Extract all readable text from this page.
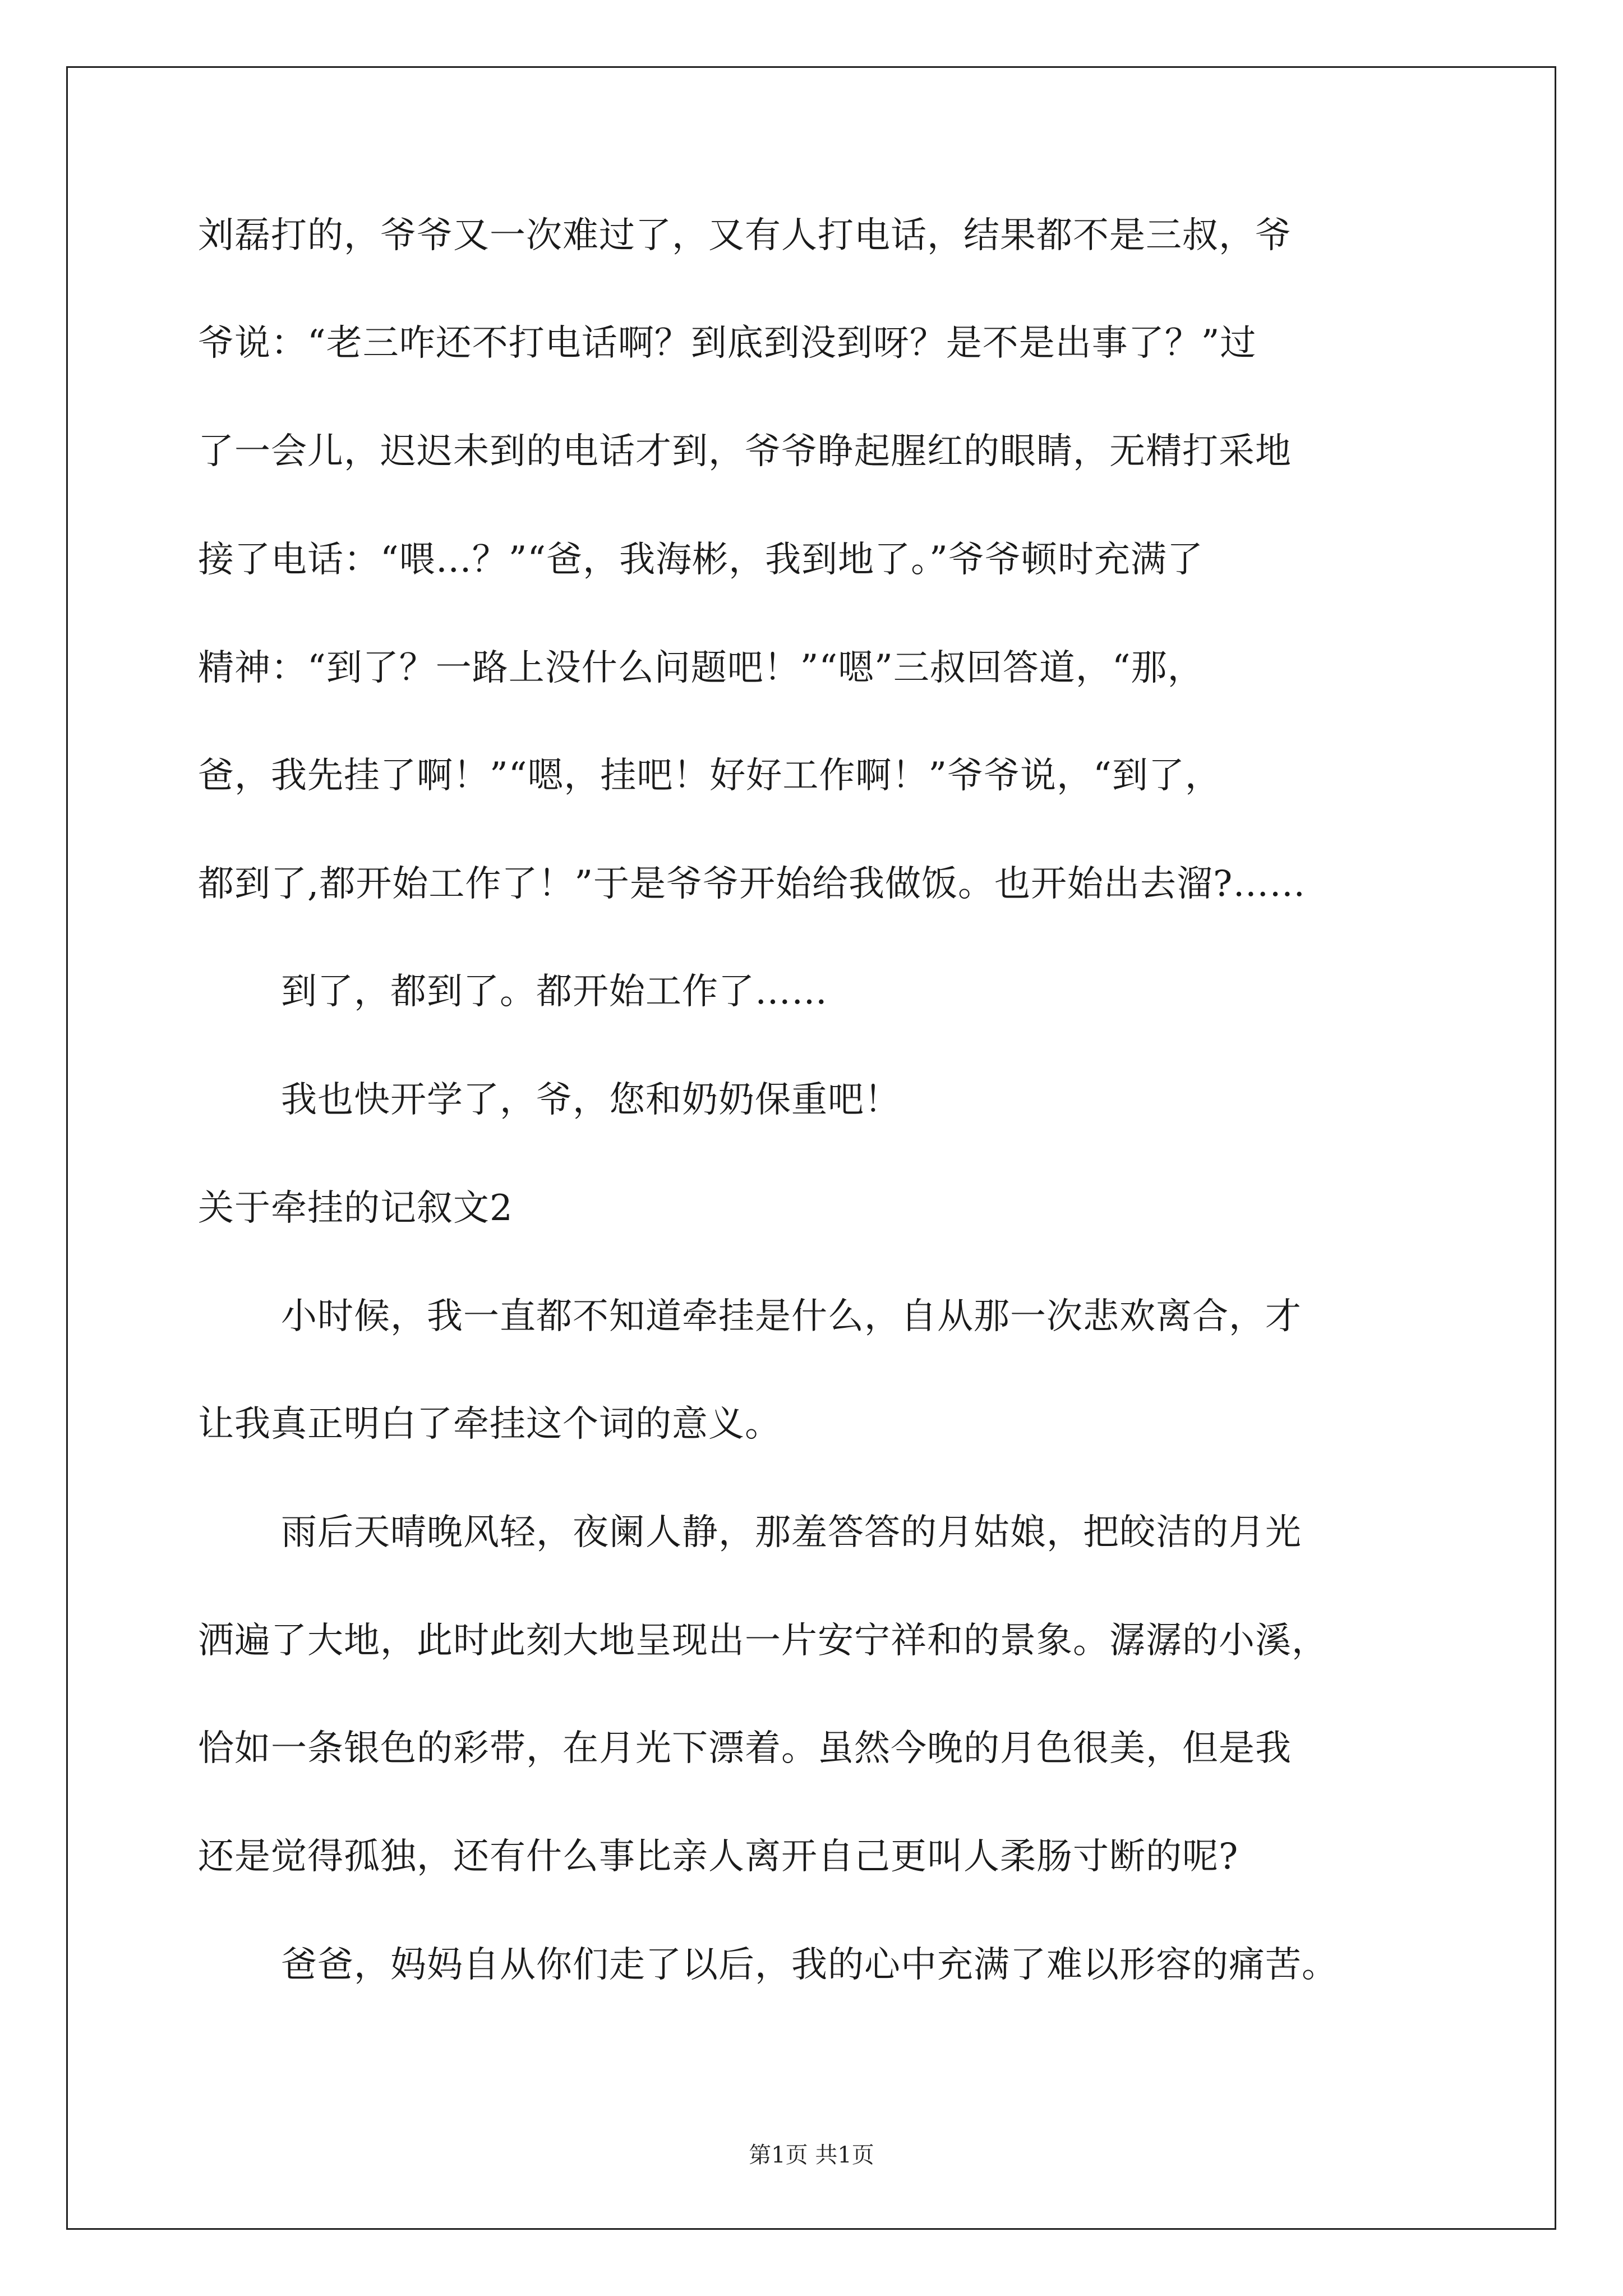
刘磊打的，爷爷又一次难过了，又有人打电话，结果都不是三叔，爷
爷说：“老三咋还不打电话啊？到底到没到呀？是不是出事了？”过
了一会儿，迟迟未到的电话才到，爷爷睁起腥红的眼睛，无精打采地
接了电话：“喂…？”“爸，我海彬，我到地了。”爷爷顿时充满了
精神：“到了？一路上没什么问题吧！”“嗯”三叔回答道，“那，
爸，我先挂了啊！”“嗯，挂吧！好好工作啊！”爷爷说，“到了，
都到了,都开始工作了！”于是爷爷开始给我做饭。也开始出去溜?……
到了，都到了。都开始工作了……
我也快开学了，爷，您和奶奶保重吧！
关于牵挂的记叙文2
小时候，我一直都不知道牵挂是什么，自从那一次悲欢离合，才
让我真正明白了牵挂这个词的意义。
雨后天晴晚风轻，夜阑人静，那羞答答的月姑娘，把皎洁的月光
洒遍了大地，此时此刻大地呈现出一片安宁祥和的景象。潺潺的小溪，
恰如一条银色的彩带，在月光下漂着。虽然今晚的月色很美，但是我
还是觉得孤独，还有什么事比亲人离开自己更叫人柔肠寸断的呢?
爸爸，妈妈自从你们走了以后，我的心中充满了难以形容的痛苦。
第1页 共1页
